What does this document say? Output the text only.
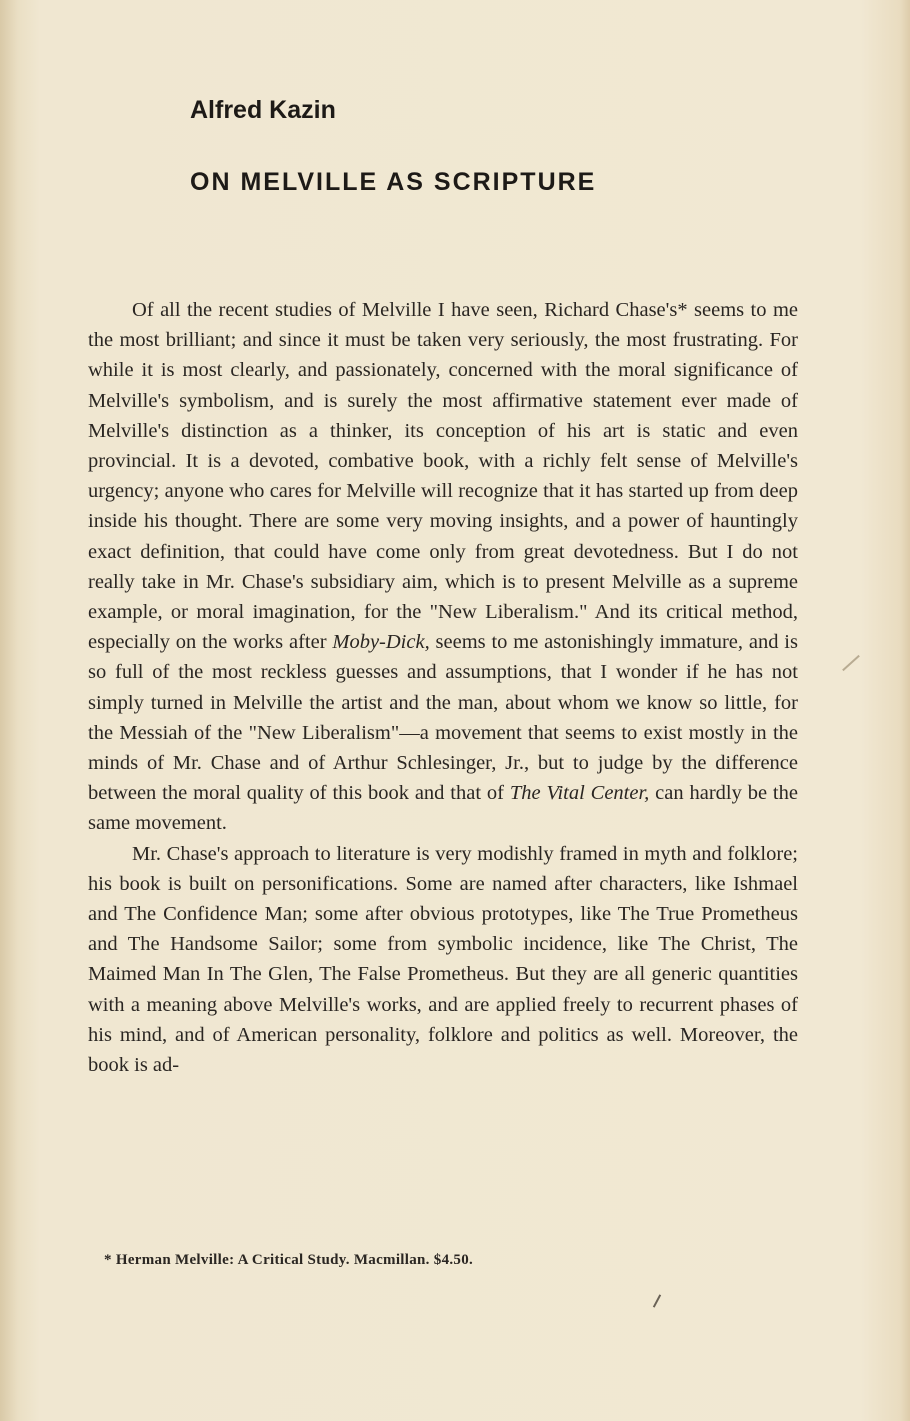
Alfred Kazin
ON MELVILLE AS SCRIPTURE

Of all the recent studies of Melville I have seen, Richard Chase's* seems to me the most brilliant; and since it must be taken very seriously, the most frustrating. For while it is most clearly, and passionately, concerned with the moral significance of Melville's symbolism, and is surely the most affirmative statement ever made of Melville's distinction as a thinker, its conception of his art is static and even provincial. It is a devoted, combative book, with a richly felt sense of Melville's urgency; anyone who cares for Melville will recognize that it has started up from deep inside his thought. There are some very moving insights, and a power of hauntingly exact definition, that could have come only from great devotedness. But I do not really take in Mr. Chase's subsidiary aim, which is to present Melville as a supreme example, or moral imagination, for the "New Liberalism." And its critical method, especially on the works after Moby-Dick, seems to me astonishingly immature, and is so full of the most reckless guesses and assumptions, that I wonder if he has not simply turned in Melville the artist and the man, about whom we know so little, for the Messiah of the "New Liberalism"—a movement that seems to exist mostly in the minds of Mr. Chase and of Arthur Schlesinger, Jr., but to judge by the difference between the moral quality of this book and that of The Vital Center, can hardly be the same movement.

Mr. Chase's approach to literature is very modishly framed in myth and folklore; his book is built on personifications. Some are named after characters, like Ishmael and The Confidence Man; some after obvious prototypes, like The True Prometheus and The Handsome Sailor; some from symbolic incidence, like The Christ, The Maimed Man In The Glen, The False Prometheus. But they are all generic quantities with a meaning above Melville's works, and are applied freely to recurrent phases of his mind, and of American personality, folklore and politics as well. Moreover, the book is ad-

* Herman Melville: A Critical Study. Macmillan. $4.50.
